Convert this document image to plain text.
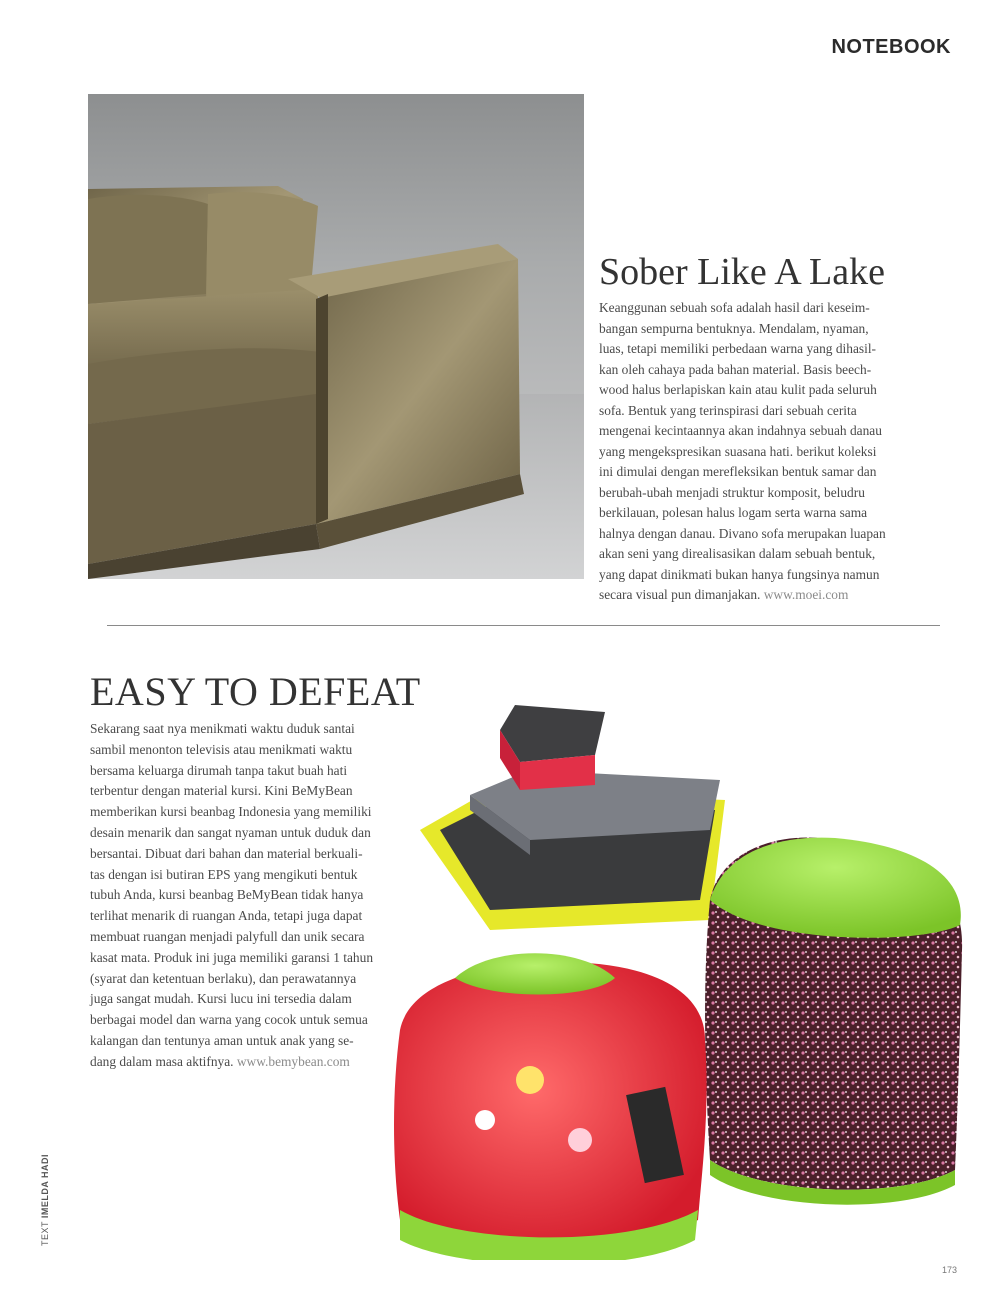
NOTEBOOK
Sober Like A Lake

Keanggunan sebuah sofa adalah hasil dari keseim-
bangan sempurna bentuknya. Mendalam, nyaman,
luas, tetapi memiliki perbedaan warna yang dihasil-
kan oleh cahaya pada bahan material. Basis beech-
wood halus berlapiskan kain atau kulit pada seluruh
sofa. Bentuk yang terinspirasi dari sebuah cerita
mengenai kecintaannya akan indahnya sebuah danau
yang mengekspresikan suasana hati. berikut koleksi
ini dimulai dengan merefleksikan bentuk samar dan
berubah-ubah menjadi struktur komposit, beludru
berkilauan, polesan halus logam serta warna sama
halnya dengan danau. Divano sofa merupakan luapan
akan seni yang direalisasikan dalam sebuah bentuk,
yang dapat dinikmati bukan hanya fungsinya namun
secara visual pun dimanjakan. www.moei.com

EASY TO DEFEAT

Sekarang saat nya menikmati waktu duduk santai
sambil menonton televisis atau menikmati waktu
bersama keluarga dirumah tanpa takut buah hati
terbentur dengan material kursi. Kini BeMyBean
memberikan kursi beanbag Indonesia yang memiliki
desain menarik dan sangat nyaman untuk duduk dan
bersantai. Dibuat dari bahan dan material berkuali-
tas dengan isi butiran EPS yang mengikuti bentuk
tubuh Anda, kursi beanbag BeMyBean tidak hanya
terlihat menarik di ruangan Anda, tetapi juga dapat
membuat ruangan menjadi palyfull dan unik secara
kasat mata. Produk ini juga memiliki garansi 1 tahun
(syarat dan ketentuan berlaku), dan perawatannya
juga sangat mudah. Kursi lucu ini tersedia dalam
berbagai model dan warna yang cocok untuk semua
kalangan dan tentunya aman untuk anak yang se-
dang dalam masa aktifnya. www.bemybean.com

TEXT IMELDA HADI
173
